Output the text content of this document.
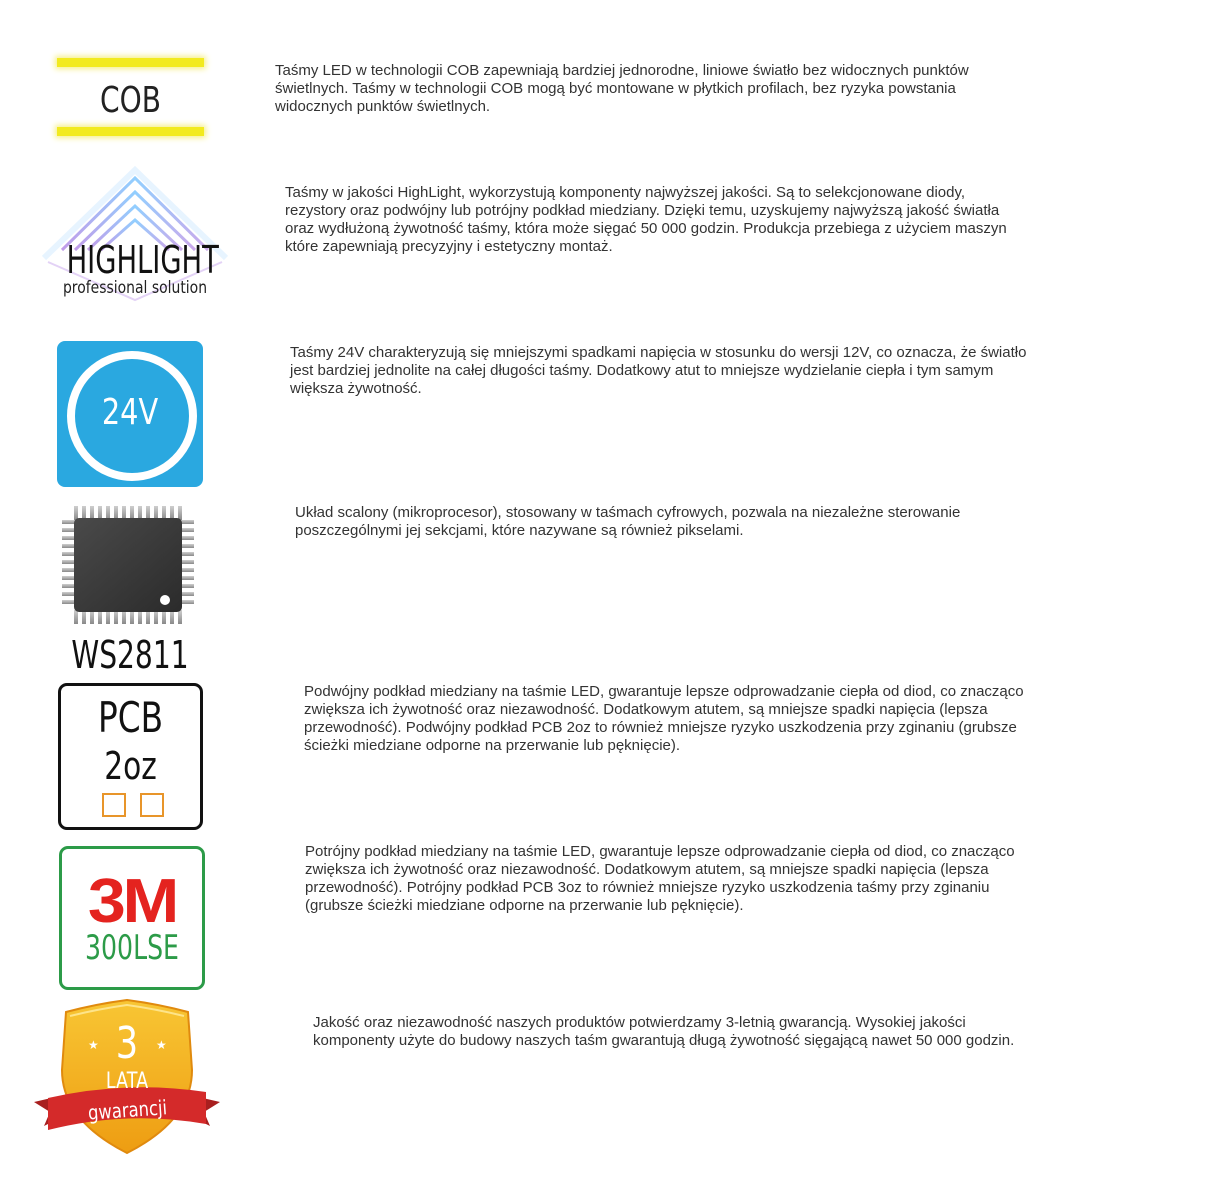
COB

Taśmy LED w technologii COB zapewniają bardziej jednorodne, liniowe światło bez widocznych punktów świetlnych. Taśmy w technologii COB mogą być montowane w płytkich profilach, bez ryzyka powstania widocznych punktów świetlnych.

HIGHLIGHT
professional solution

Taśmy w jakości HighLight, wykorzystują komponenty najwyższej jakości. Są to selekcjonowane diody, rezystory oraz podwójny lub potrójny podkład miedziany. Dzięki temu, uzyskujemy najwyższą jakość światła oraz wydłużoną żywotność taśmy, która może sięgać 50 000 godzin. Produkcja przebiega z użyciem maszyn które zapewniają precyzyjny i estetyczny montaż.

24V

Taśmy 24V charakteryzują się mniejszymi spadkami napięcia w stosunku do wersji 12V, co oznacza, że światło jest bardziej jednolite na całej długości taśmy. Dodatkowy atut to mniejsze wydzielanie ciepła i tym samym większa żywotność.

WS2811

Układ scalony (mikroprocesor), stosowany w taśmach cyfrowych, pozwala na niezależne sterowanie poszczególnymi jej sekcjami, które nazywane są również pikselami.

PCB
2oz

Podwójny podkład miedziany na taśmie LED, gwarantuje lepsze odprowadzanie ciepła od diod, co znacząco zwiększa ich żywotność oraz niezawodność. Dodatkowym atutem, są mniejsze spadki napięcia (lepsza przewodność). Podwójny podkład PCB 2oz to również mniejsze ryzyko uszkodzenia przy zginaniu (grubsze ścieżki miedziane odporne na przerwanie lub pęknięcie).

3M
300LSE

Potrójny podkład miedziany na taśmie LED, gwarantuje lepsze odprowadzanie ciepła od diod, co znacząco zwiększa ich żywotność oraz niezawodność. Dodatkowym atutem, są mniejsze spadki napięcia (lepsza przewodność). Potrójny podkład PCB 3oz to również mniejsze ryzyko uszkodzenia taśmy przy zginaniu (grubsze ścieżki miedziane odporne na przerwanie lub pęknięcie).

★	★
3
LATA
gwarancji

Jakość oraz niezawodność naszych produktów potwierdzamy 3-letnią gwarancją. Wysokiej jakości komponenty użyte do budowy naszych taśm gwarantują długą żywotność sięgającą nawet 50 000 godzin.
